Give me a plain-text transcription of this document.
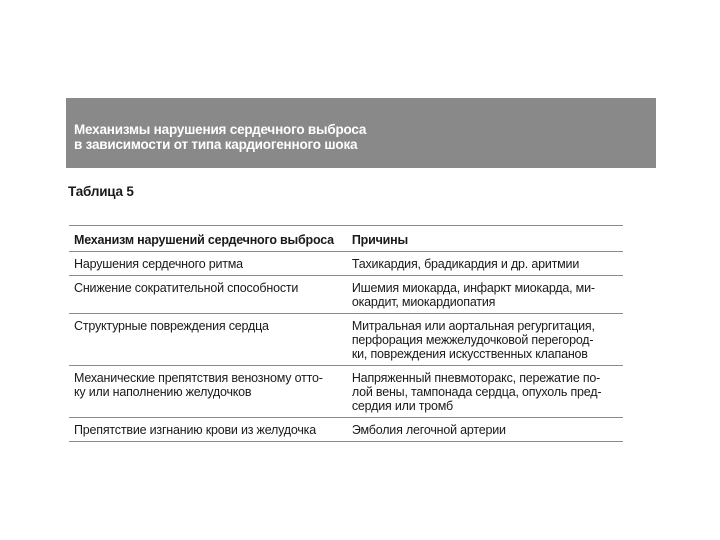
Механизмы нарушения сердечного выброса
в зависимости от типа кардиогенного шока
Таблица 5
Механизм нарушений сердечного выброса	Причины
Нарушения сердечного ритма	Тахикардия, брадикардия и др. аритмии
Снижение сократительной способности	Ишемия миокарда, инфаркт миокарда, ми-
окардит, миокардиопатия
Структурные повреждения сердца	Митральная или аортальная регургитация,
перфорация межжелудочковой перегород-
ки, повреждения искусственных клапанов
Механические препятствия венозному отто-
ку или наполнению желудочков	Напряженный пневмоторакс, пережатие по-
лой вены, тампонада сердца, опухоль пред-
сердия или тромб
Препятствие изгнанию крови из желудочка	Эмболия легочной артерии
